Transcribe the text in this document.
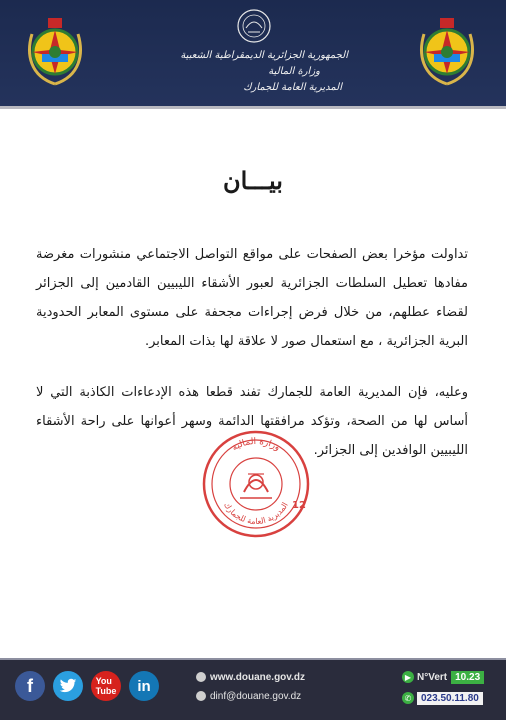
الجمهورية الجزائرية الديمقراطية الشعبية
وزارة المالية
المديرية العامة للجمارك
بيـــان

تداولت مؤخرا بعض الصفحات على مواقع التواصل الاجتماعي منشورات مغرضة مفادها تعطيل السلطات الجزائرية لعبور الأشقاء الليبيين القادمين إلى الجزائر لقضاء عطلهم، من خلال فرض إجراءات مجحفة على مستوى المعابر الحدودية البرية الجزائرية ، مع استعمال صور لا علاقة لها بذات المعابر.

وعليه، فإن المديرية العامة للجمارك تفند قطعا هذه الإدعاءات الكاذبة التي لا أساس لها من الصحة، وتؤكد مرافقتها الدائمة وسهر أعوانها على راحة الأشقاء الليبيين الوافدين إلى الجزائر.

وزارة المالية
المديرية العامة للجمارك 12
f	You
Tube	in	www.douane.gov.dz
dinf@douane.gov.dz
▶ N°Vert 10.23
✆ 023.50.11.80
